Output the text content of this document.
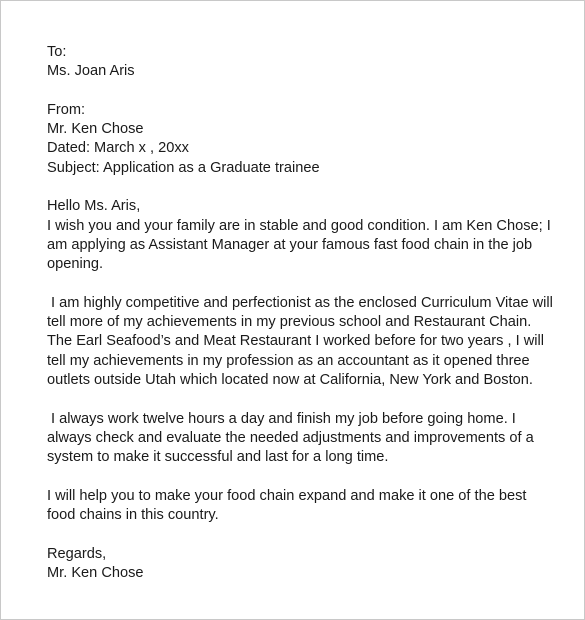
To:
Ms. Joan Aris
From:
Mr. Ken Chose
Dated: March x , 20xx
Subject: Application as a Graduate trainee
Hello Ms. Aris,
I wish you and your family are in stable and good condition. I am Ken Chose; I
am applying as Assistant Manager at your famous fast food chain in the job
opening.
I am highly competitive and perfectionist as the enclosed Curriculum Vitae will
tell more of my achievements in my previous school and Restaurant Chain.
The Earl Seafood’s and Meat Restaurant I worked before for two years , I will
tell my achievements in my profession as an accountant as it opened three
outlets outside Utah which located now at California, New York and Boston.
I always work twelve hours a day and finish my job before going home. I
always check and evaluate the needed adjustments and improvements of a
system to make it successful and last for a long time.
I will help you to make your food chain expand and make it one of the best
food chains in this country.
Regards,
Mr. Ken Chose
